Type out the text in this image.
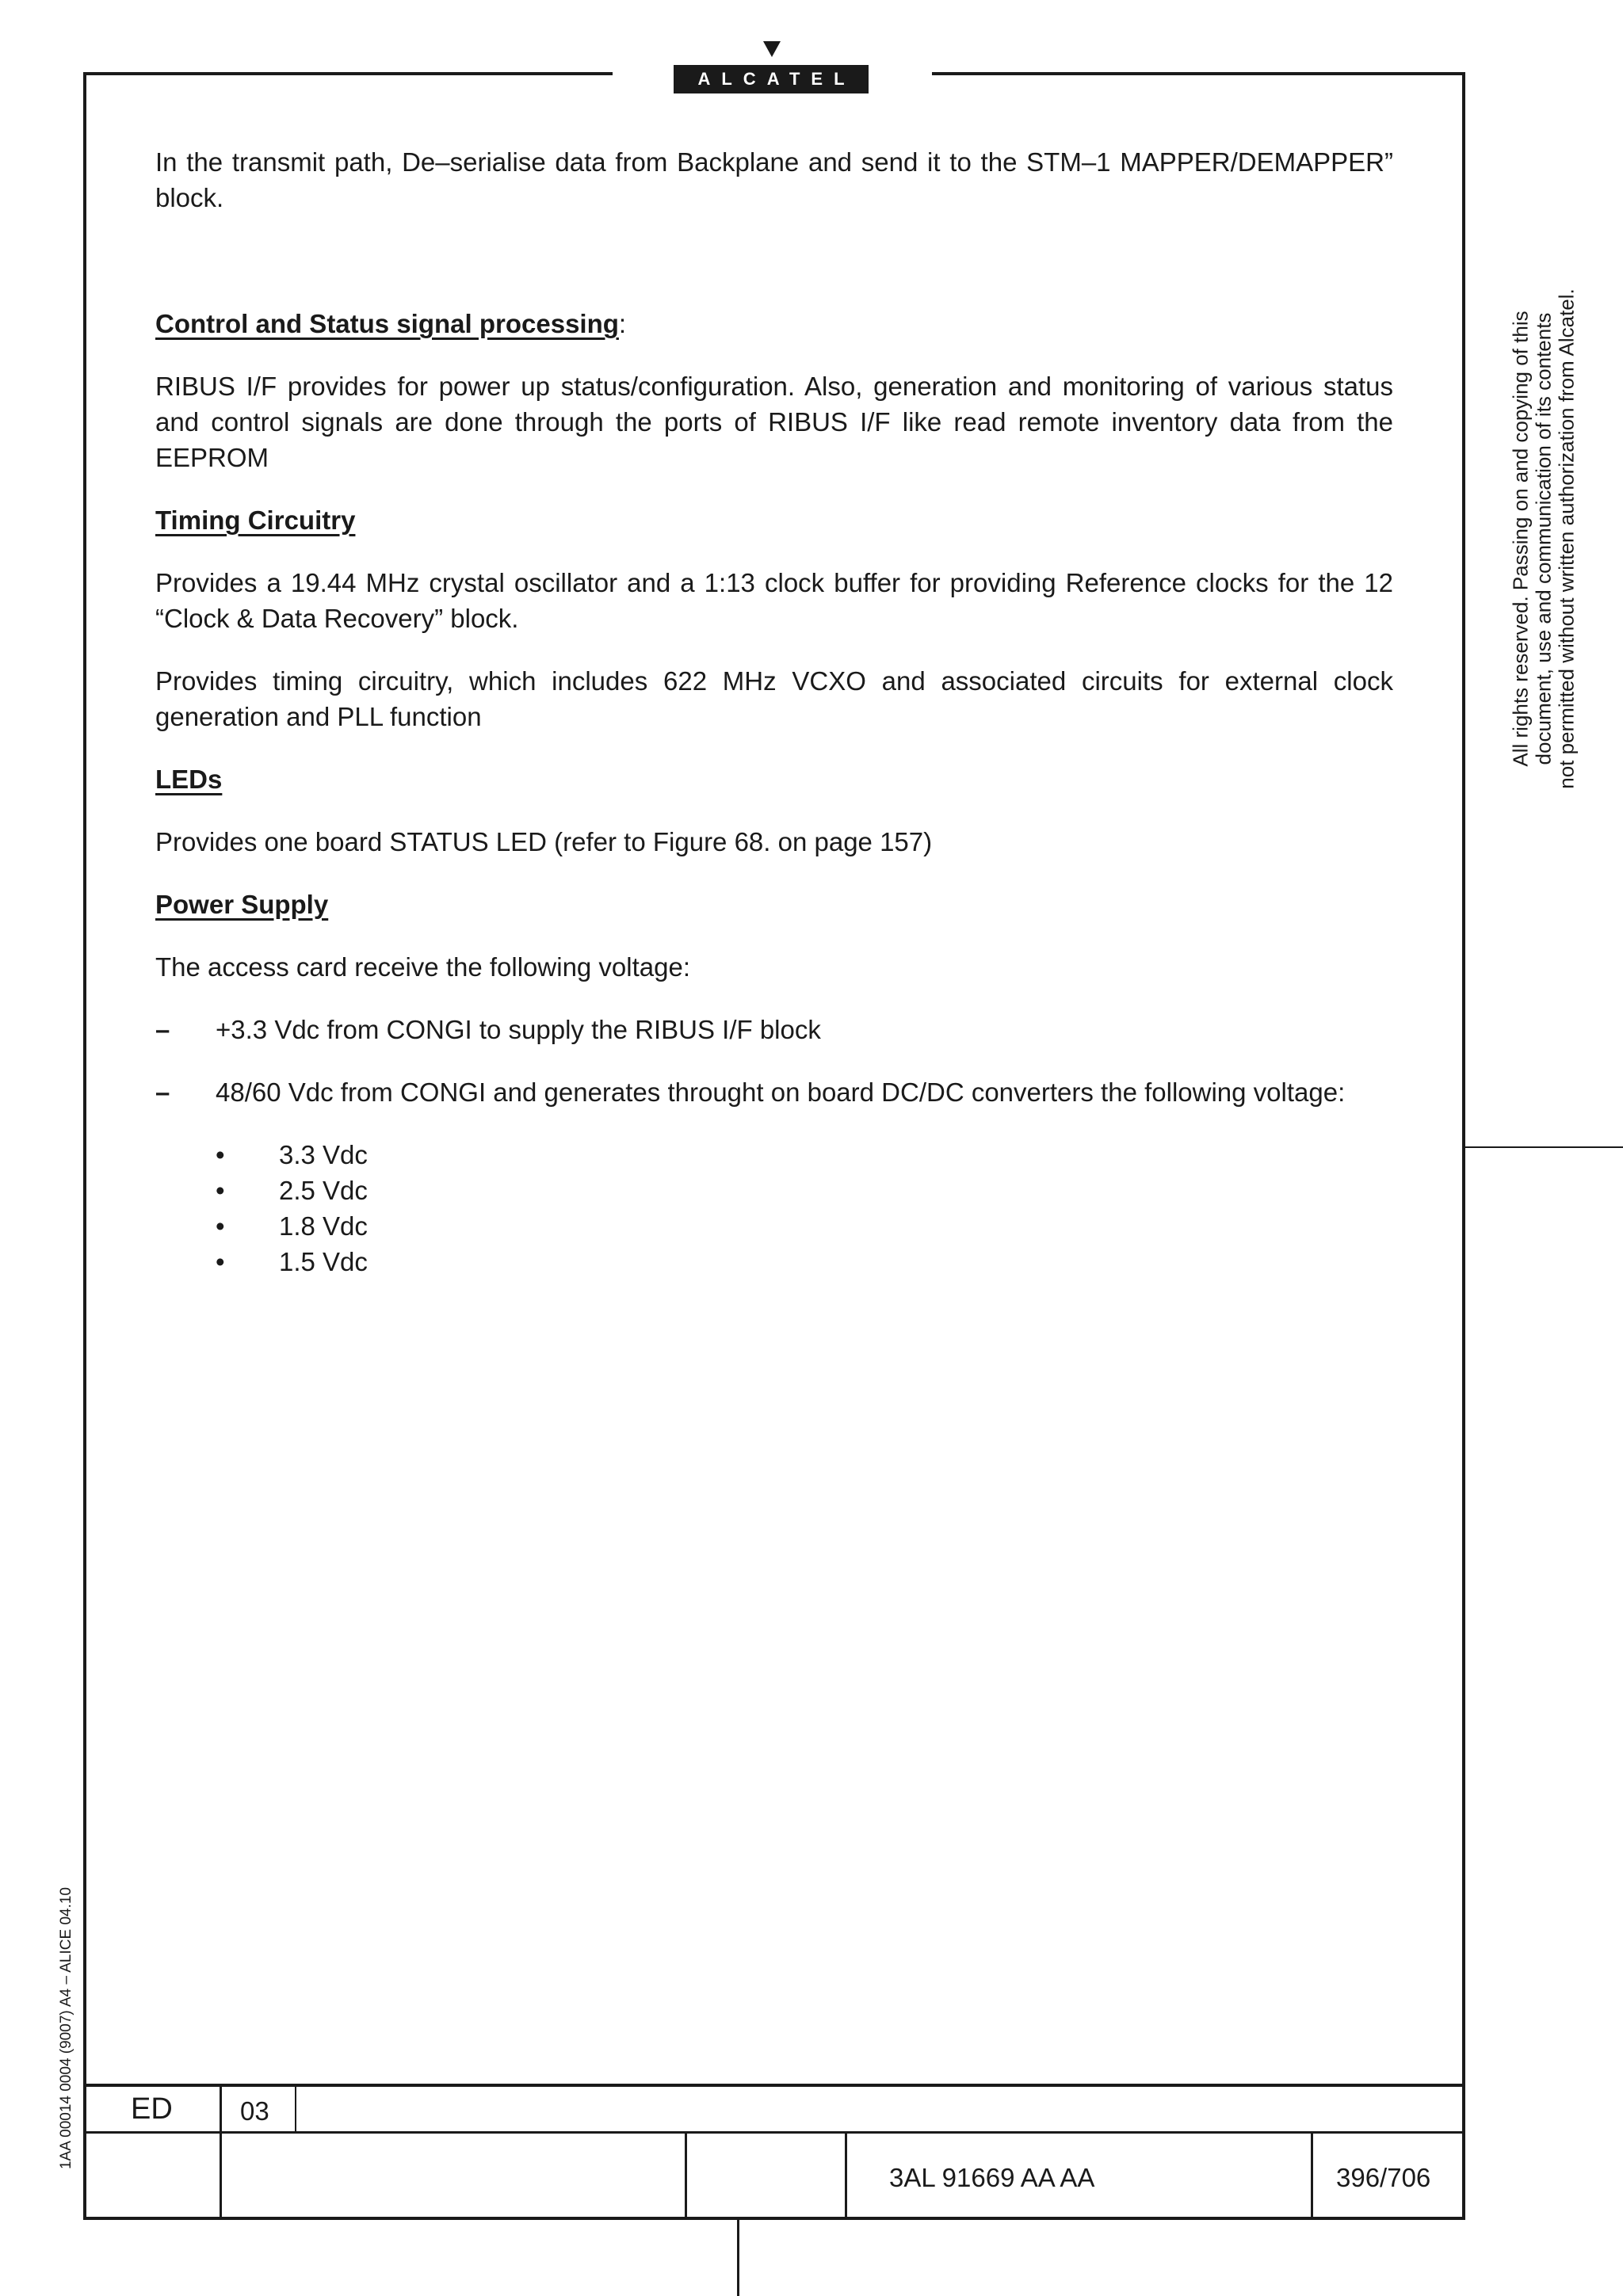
ALCATEL

In the transmit path, De–serialise data from Backplane and send it to the STM–1 MAPPER/DEMAPPER” block.

Control and Status signal processing:

RIBUS I/F provides for power up status/configuration. Also, generation and monitoring of various status and control signals are done through the ports of RIBUS I/F like read remote inventory data from the EEPROM

Timing Circuitry

Provides a 19.44 MHz crystal oscillator and a 1:13 clock buffer for providing Reference clocks for the 12 “Clock & Data Recovery” block.

Provides timing circuitry, which includes 622 MHz VCXO and associated circuits for external clock generation and PLL function

LEDs

Provides one board STATUS LED (refer to Figure 68. on page 157)

Power Supply

The access card receive the following voltage:

– +3.3 Vdc from CONGI to supply the RIBUS I/F block

– 48/60 Vdc from CONGI and generates throught on board DC/DC converters the following voltage:

• 3.3 Vdc
• 2.5 Vdc
• 1.8 Vdc
• 1.5 Vdc
All rights reserved. Passing on and copying of this document, use and communication of its contents not permitted without written authorization from Alcatel.
1AA 00014 0004 (9007) A4 – ALICE 04.10 ED	03
3AL 91669 AA AA	396/706
